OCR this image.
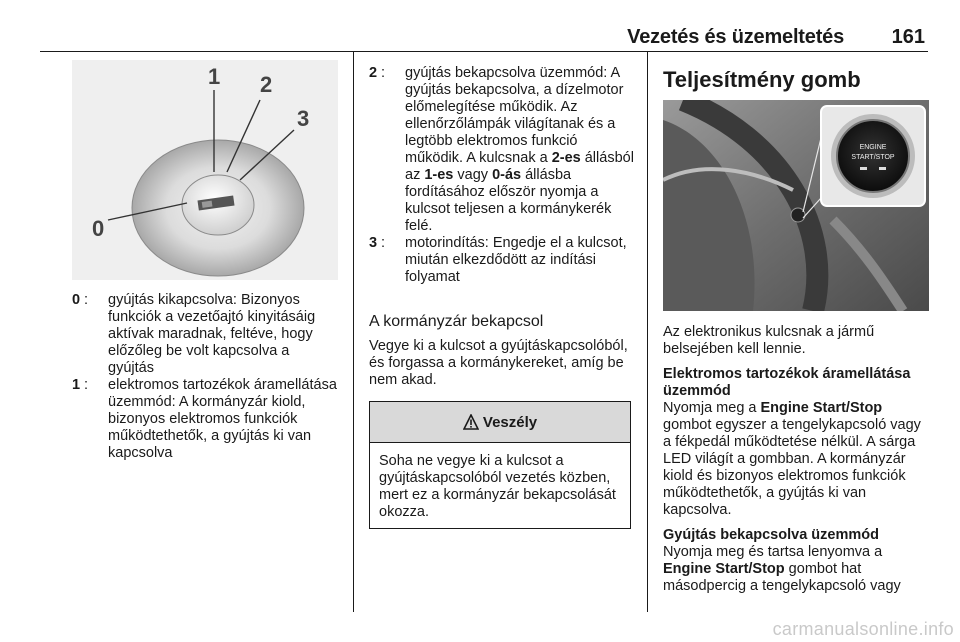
Vezetés és üzemeltetés 161
1 2
3
0
0 : gyújtás kikapcsolva: Bizonyos funkciók a vezetőajtó kinyitásáig aktívak maradnak, feltéve, hogy előzőleg be volt kapcsolva a gyújtás
1 : elektromos tartozékok áramellátása üzemmód: A kormányzár kiold, bizonyos elektromos funkciók működtethetők, a gyújtás ki van kapcsolva
2 : gyújtás bekapcsolva üzemmód: A gyújtás bekapcsolva, a dízelmotor előmelegítése működik. Az ellenőrzőlámpák világítanak és a legtöbb elektromos funkció működik. A kulcsnak a 2-es állásból az 1-es vagy 0-ás állásba fordításához először nyomja a kulcsot teljesen a kormánykerék felé.
3 : motorindítás: Engedje el a kulcsot, miután elkezdődött az indítási folyamat
A kormányzár bekapcsol
Vegye ki a kulcsot a gyújtáskapcsolóból, és forgassa a kormánykereket, amíg be nem akad.
Veszély
Soha ne vegye ki a kulcsot a gyújtáskapcsolóból vezetés közben, mert ez a kormányzár bekapcsolását okozza.
Teljesítmény gomb
ENGINE
START/STOP
Az elektronikus kulcsnak a jármű belsejében kell lennie.
Elektromos tartozékok áramellátása üzemmód
Nyomja meg a Engine Start/Stop gombot egyszer a tengelykapcsoló vagy a fékpedál működtetése nélkül. A sárga LED világít a gombban. A kormányzár kiold és bizonyos elektromos funkciók működtethetők, a gyújtás ki van kapcsolva.
Gyújtás bekapcsolva üzemmód
Nyomja meg és tartsa lenyomva a Engine Start/Stop gombot hat másodpercig a tengelykapcsoló vagy
carmanualsonline.info
